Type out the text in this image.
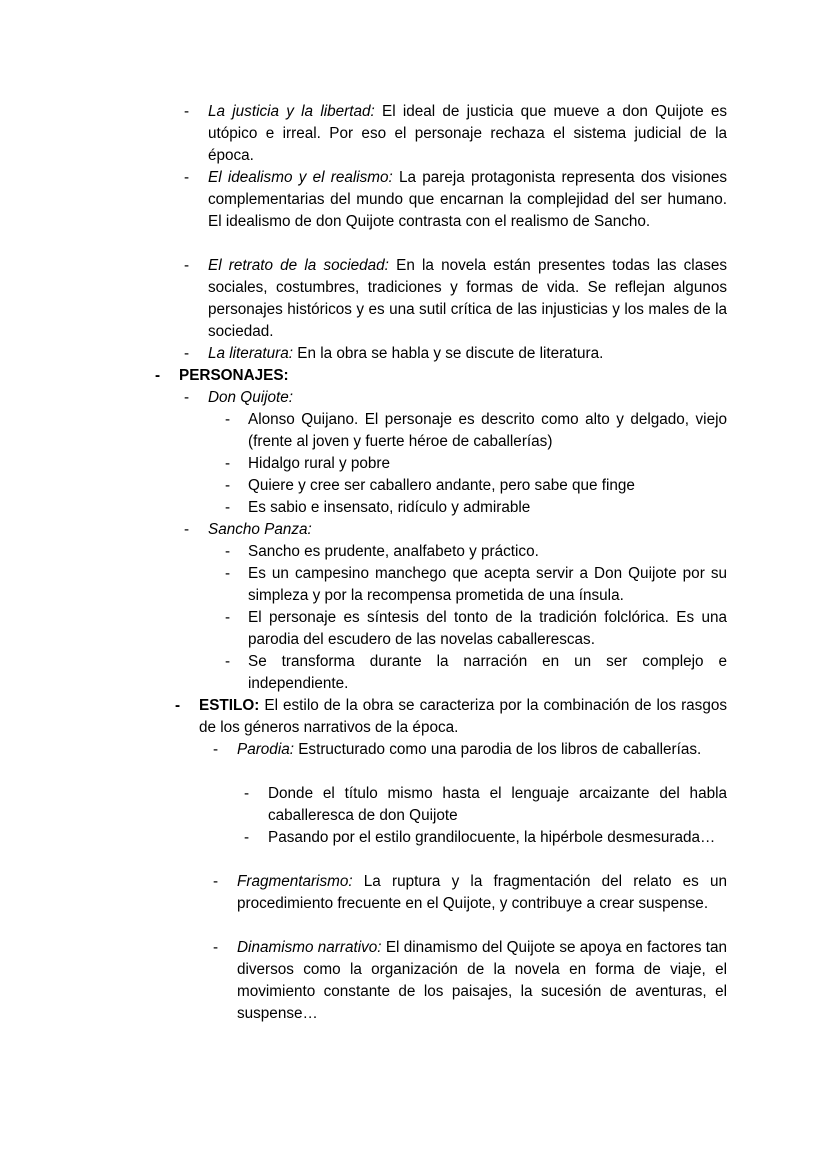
- La justicia y la libertad: El ideal de justicia que mueve a don Quijote es utópico e irreal. Por eso el personaje rechaza el sistema judicial de la época.
- El idealismo y el realismo: La pareja protagonista representa dos visiones complementarias del mundo que encarnan la complejidad del ser humano. El idealismo de don Quijote contrasta con el realismo de Sancho.
- El retrato de la sociedad: En la novela están presentes todas las clases sociales, costumbres, tradiciones y formas de vida. Se reflejan algunos personajes históricos y es una sutil crítica de las injusticias y los males de la sociedad.
- La literatura: En la obra se habla y se discute de literatura.
- PERSONAJES:
- Don Quijote:
- Alonso Quijano. El personaje es descrito como alto y delgado, viejo (frente al joven y fuerte héroe de caballerías)
- Hidalgo rural y pobre
- Quiere y cree ser caballero andante, pero sabe que finge
- Es sabio e insensato, ridículo y admirable
- Sancho Panza:
- Sancho es prudente, analfabeto y práctico.
- Es un campesino manchego que acepta servir a Don Quijote por su simpleza y por la recompensa prometida de una ínsula.
- El personaje es síntesis del tonto de la tradición folclórica. Es una parodia del escudero de las novelas caballerescas.
- Se transforma durante la narración en un ser complejo e independiente.
- ESTILO: El estilo de la obra se caracteriza por la combinación de los rasgos de los géneros narrativos de la época.
- Parodia: Estructurado como una parodia de los libros de caballerías.
- Donde el título mismo hasta el lenguaje arcaizante del habla caballeresca de don Quijote
- Pasando por el estilo grandilocuente, la hipérbole desmesurada…
- Fragmentarismo: La ruptura y la fragmentación del relato es un procedimiento frecuente en el Quijote, y contribuye a crear suspense.
- Dinamismo narrativo: El dinamismo del Quijote se apoya en factores tan diversos como la organización de la novela en forma de viaje, el movimiento constante de los paisajes, la sucesión de aventuras, el suspense…
